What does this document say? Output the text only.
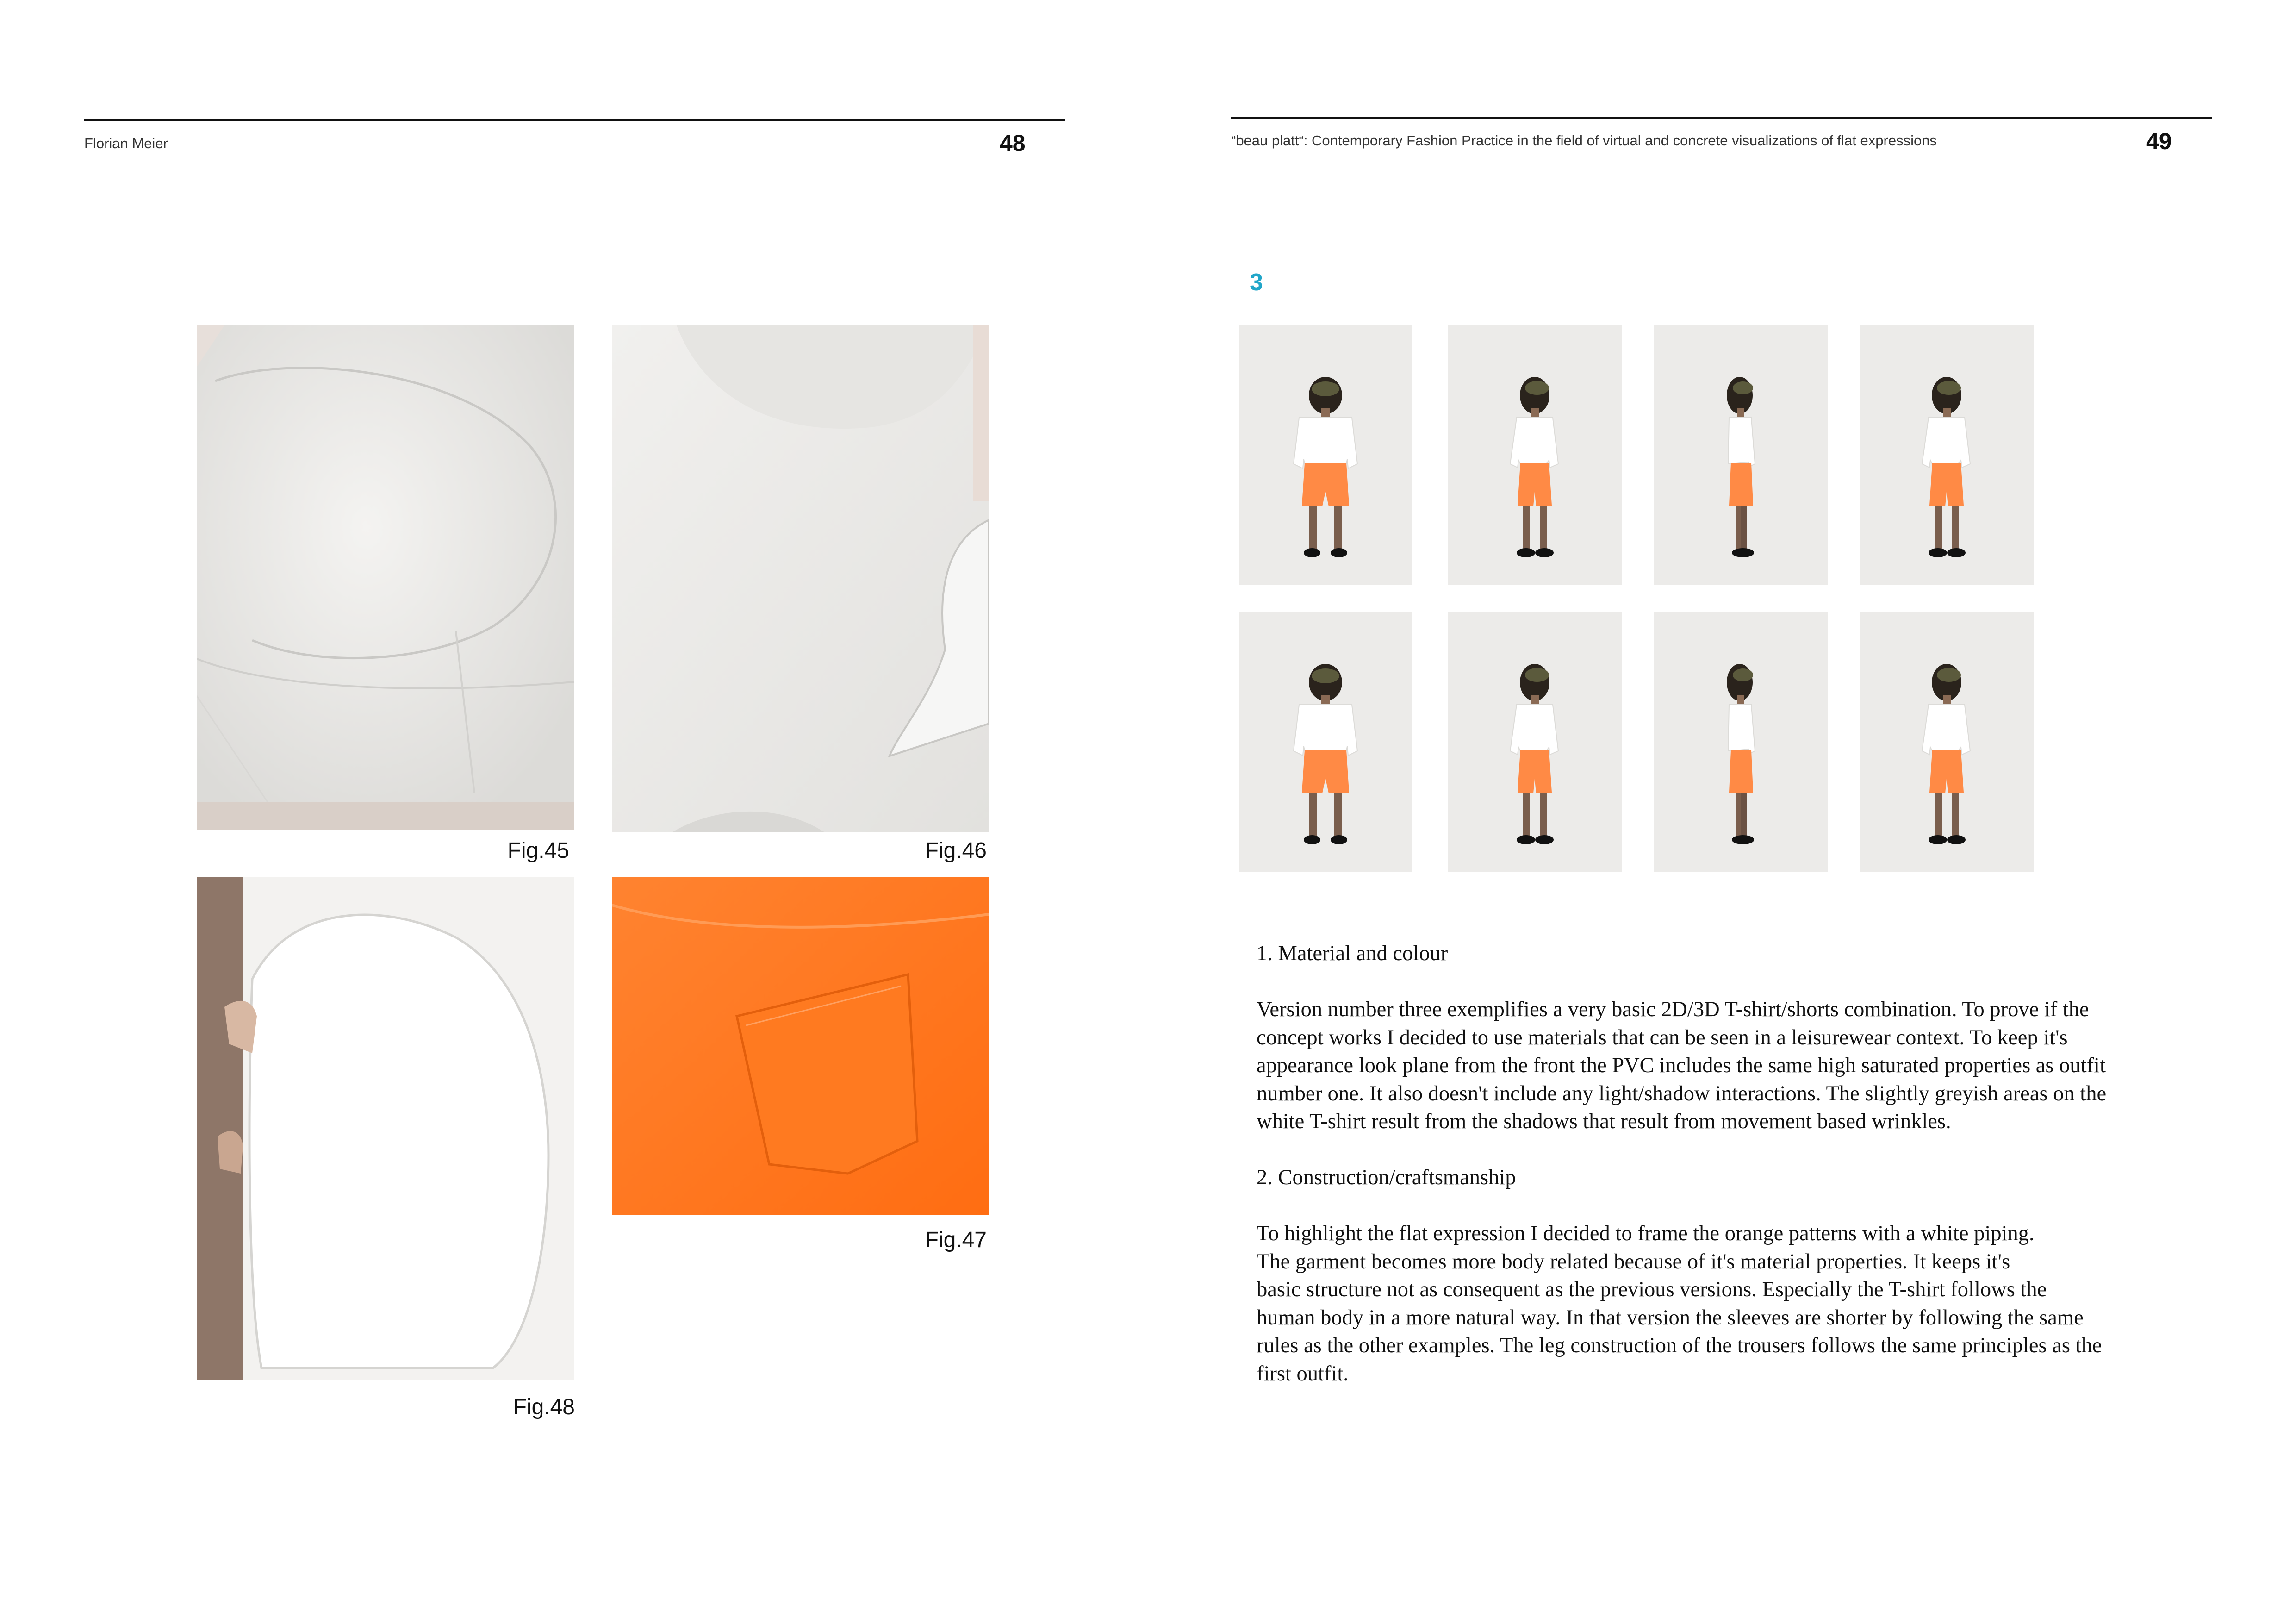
Florian Meier	48
Fig.45	Fig.46
Fig.47
Fig.48
“beau platt“: Contemporary Fashion Practice in the field of virtual and concrete visualizations of flat expressions	49
3

1. Material and colour

Version number three exemplifies a very basic 2D/3D T-shirt/shorts combination. To prove if the

concept works I decided to use materials that can be seen in a leisurewear context. To keep it's

appearance look plane from the front the PVC includes the same high saturated properties as outfit

number one. It also doesn't include any light/shadow interactions. The slightly greyish areas on the

white T-shirt result from the shadows that result from movement based wrinkles.

2. Construction/craftsmanship

To highlight the flat expression I decided to frame the orange patterns with a white piping.

The garment becomes more body related because of it's material properties. It keeps it's

basic structure not as consequent as the previous versions. Especially the T-shirt follows the

human body in a more natural way. In that version the sleeves are shorter by following the same

rules as the other examples. The leg construction of the trousers follows the same principles as the

first outfit.
